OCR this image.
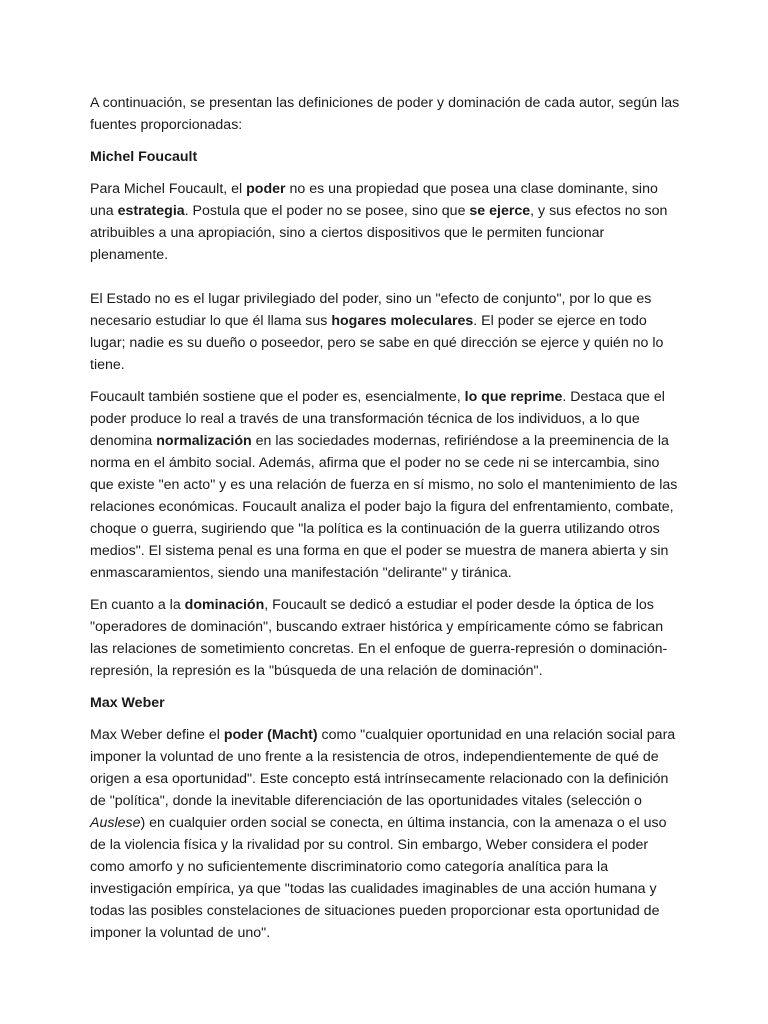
A continuación, se presentan las definiciones de poder y dominación de cada autor, según las fuentes proporcionadas:

Michel Foucault

Para Michel Foucault, el poder no es una propiedad que posea una clase dominante, sino una estrategia. Postula que el poder no se posee, sino que se ejerce, y sus efectos no son atribuibles a una apropiación, sino a ciertos dispositivos que le permiten funcionar plenamente.

El Estado no es el lugar privilegiado del poder, sino un "efecto de conjunto", por lo que es necesario estudiar lo que él llama sus hogares moleculares. El poder se ejerce en todo lugar; nadie es su dueño o poseedor, pero se sabe en qué dirección se ejerce y quién no lo tiene.

Foucault también sostiene que el poder es, esencialmente, lo que reprime. Destaca que el poder produce lo real a través de una transformación técnica de los individuos, a lo que denomina normalización en las sociedades modernas, refiriéndose a la preeminencia de la norma en el ámbito social. Además, afirma que el poder no se cede ni se intercambia, sino que existe "en acto" y es una relación de fuerza en sí mismo, no solo el mantenimiento de las relaciones económicas. Foucault analiza el poder bajo la figura del enfrentamiento, combate, choque o guerra, sugiriendo que "la política es la continuación de la guerra utilizando otros medios". El sistema penal es una forma en que el poder se muestra de manera abierta y sin enmascaramientos, siendo una manifestación "delirante" y tiránica.

En cuanto a la dominación, Foucault se dedicó a estudiar el poder desde la óptica de los "operadores de dominación", buscando extraer histórica y empíricamente cómo se fabrican las relaciones de sometimiento concretas. En el enfoque de guerra-represión o dominación-represión, la represión es la "búsqueda de una relación de dominación".

Max Weber

Max Weber define el poder (Macht) como "cualquier oportunidad en una relación social para imponer la voluntad de uno frente a la resistencia de otros, independientemente de qué de origen a esa oportunidad". Este concepto está intrínsecamente relacionado con la definición de "política", donde la inevitable diferenciación de las oportunidades vitales (selección o Auslese) en cualquier orden social se conecta, en última instancia, con la amenaza o el uso de la violencia física y la rivalidad por su control. Sin embargo, Weber considera el poder como amorfo y no suficientemente discriminatorio como categoría analítica para la investigación empírica, ya que "todas las cualidades imaginables de una acción humana y todas las posibles constelaciones de situaciones pueden proporcionar esta oportunidad de imponer la voluntad de uno".
